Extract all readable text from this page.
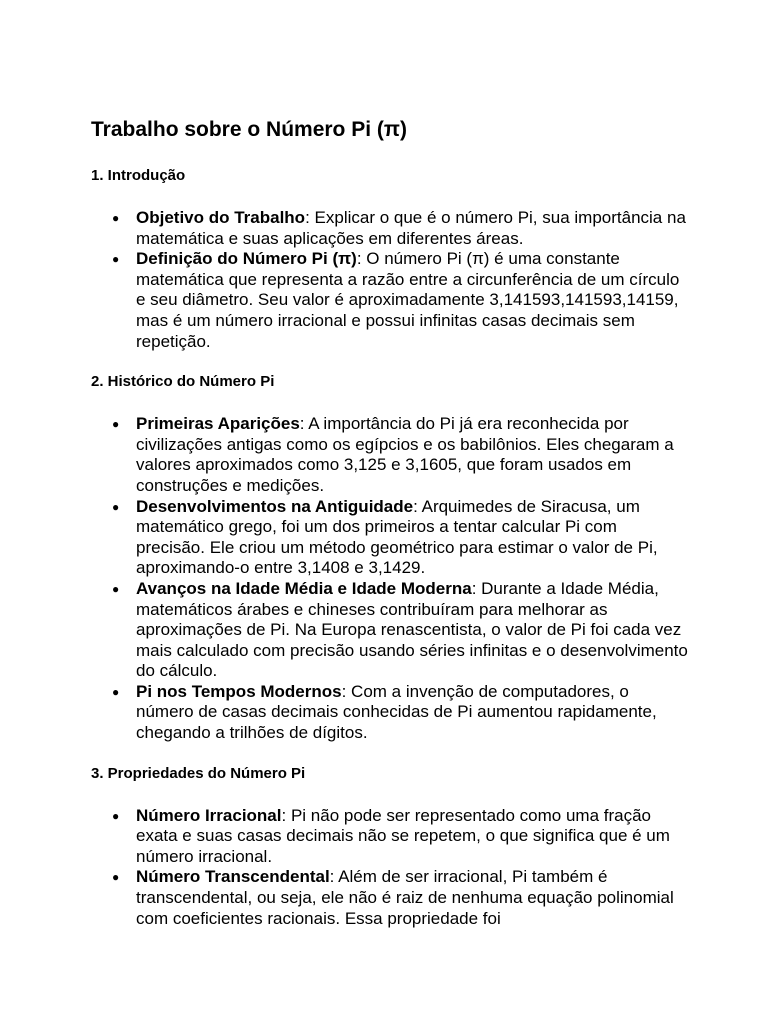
Trabalho sobre o Número Pi (π)
1. Introdução
● Objetivo do Trabalho: Explicar o que é o número Pi, sua importância na matemática e suas aplicações em diferentes áreas.
● Definição do Número Pi (π): O número Pi (π) é uma constante matemática que representa a razão entre a circunferência de um círculo e seu diâmetro. Seu valor é aproximadamente 3,141593,141593,14159, mas é um número irracional e possui infinitas casas decimais sem repetição.
2. Histórico do Número Pi
● Primeiras Aparições: A importância do Pi já era reconhecida por civilizações antigas como os egípcios e os babilônios. Eles chegaram a valores aproximados como 3,125 e 3,1605, que foram usados em construções e medições.
● Desenvolvimentos na Antiguidade: Arquimedes de Siracusa, um matemático grego, foi um dos primeiros a tentar calcular Pi com precisão. Ele criou um método geométrico para estimar o valor de Pi, aproximando-o entre 3,1408 e 3,1429.
● Avanços na Idade Média e Idade Moderna: Durante a Idade Média, matemáticos árabes e chineses contribuíram para melhorar as aproximações de Pi. Na Europa renascentista, o valor de Pi foi cada vez mais calculado com precisão usando séries infinitas e o desenvolvimento do cálculo.
● Pi nos Tempos Modernos: Com a invenção de computadores, o número de casas decimais conhecidas de Pi aumentou rapidamente, chegando a trilhões de dígitos.
3. Propriedades do Número Pi
● Número Irracional: Pi não pode ser representado como uma fração exata e suas casas decimais não se repetem, o que significa que é um número irracional.
● Número Transcendental: Além de ser irracional, Pi também é transcendental, ou seja, ele não é raiz de nenhuma equação polinomial com coeficientes racionais. Essa propriedade foi
